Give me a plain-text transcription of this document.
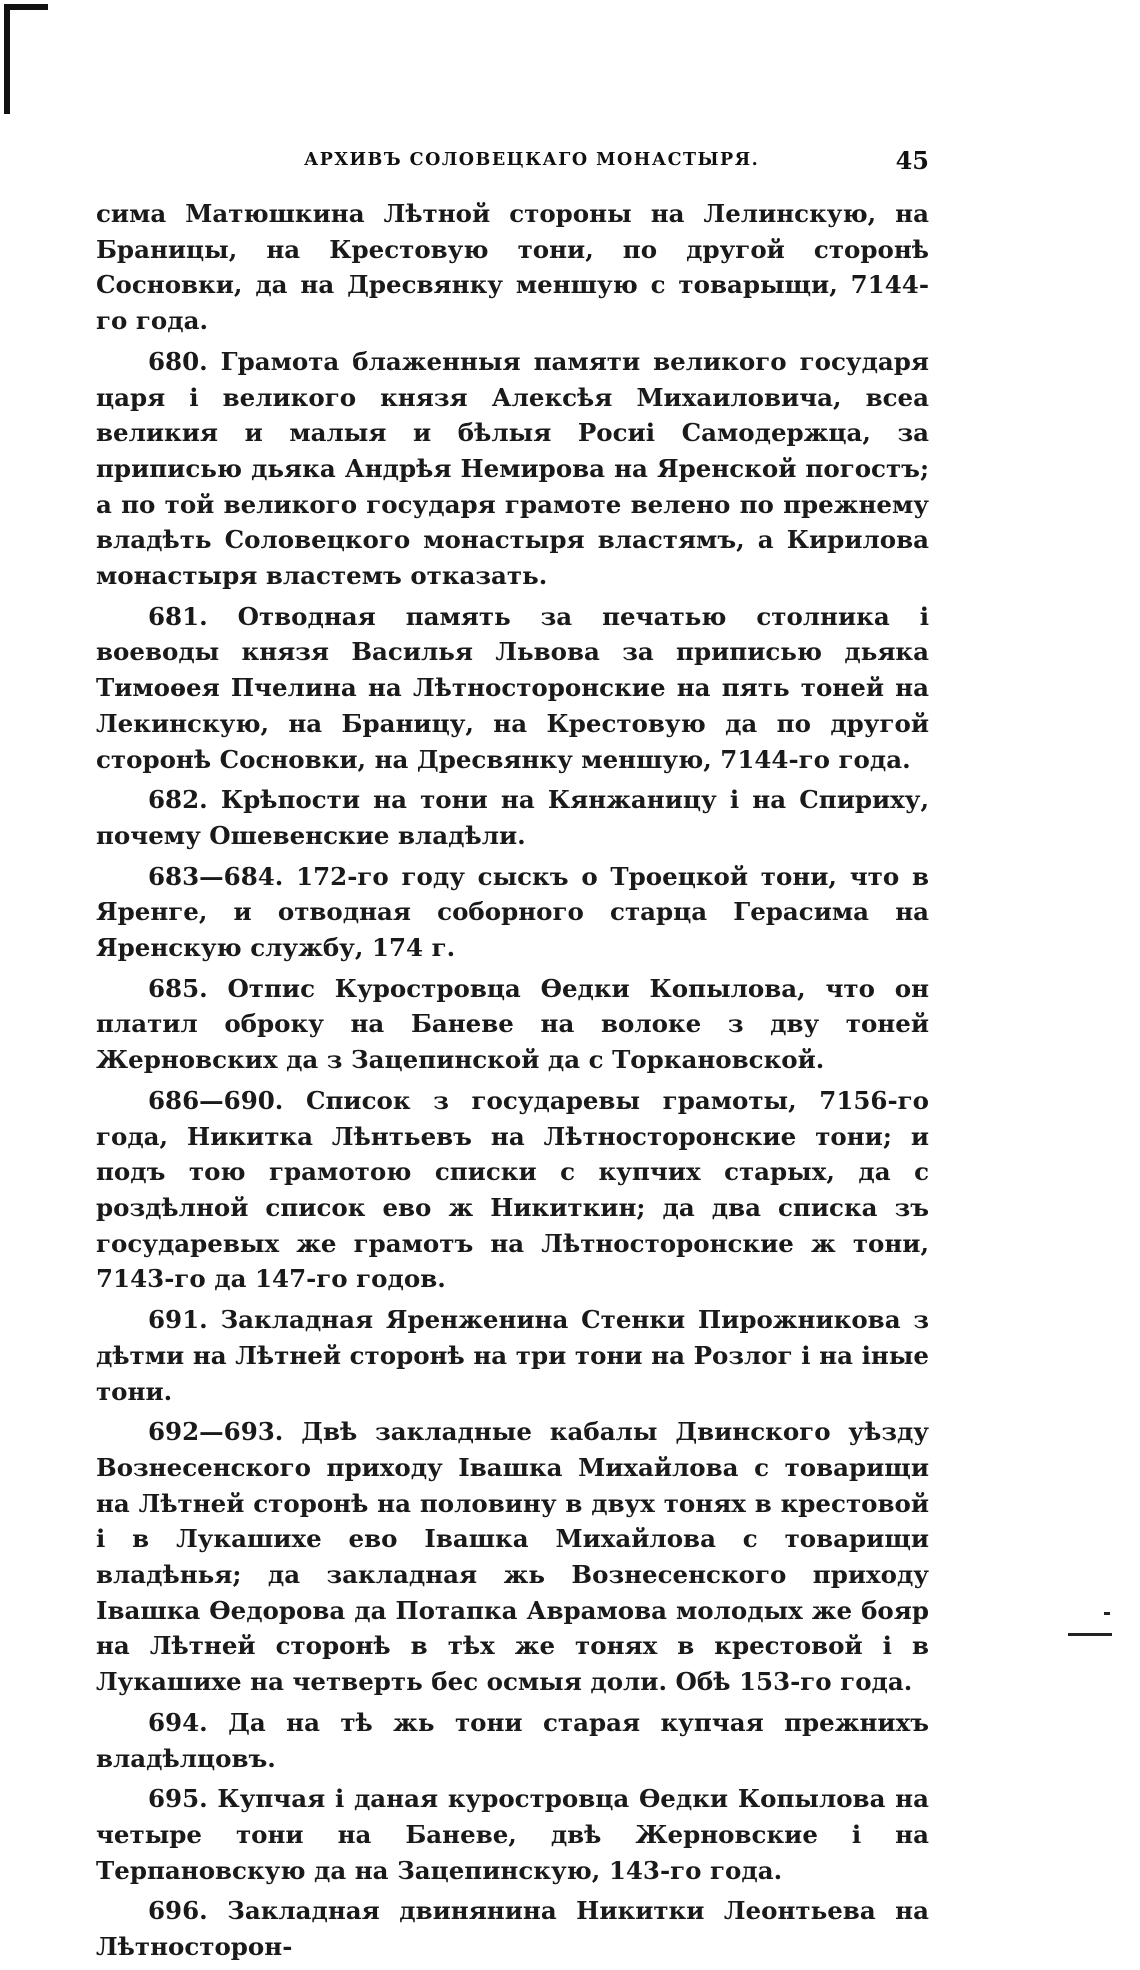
АРХИВЪ СОЛОВЕЦКАГО МОНАСТЫРЯ.	45

сима Матюшкина Лѣтной стороны на Лелинскую, на Браницы, на Крестовую тони, по другой сторонѣ Сосновки, да на Дресвянку меншую с товарыщи, 7144-го года.

680. Грамота блаженныя памяти великого государя царя і великого князя Алексѣя Михаиловича, всеа великия и малыя и бѣлыя Росиі Самодержца, за приписью дьяка Андрѣя Немирова на Яренской погостъ; а по той великого государя грамоте велено по прежнему владѣть Соловецкого монастыря властямъ, а Кирилова монастыря властемъ отказать.

681. Отводная память за печатью столника і воеводы князя Василья Львова за приписью дьяка Тимоѳея Пчелина на Лѣтносторонские на пять тоней на Лекинскую, на Браницу, на Крестовую да по другой сторонѣ Сосновки, на Дресвянку меншую, 7144-го года.

682. Крѣпости на тони на Кянжаницу і на Спириху, почему Ошевенские владѣли.

683—684. 172-го году сыскъ о Троецкой тони, что в Яренге, и отводная соборного старца Герасима на Яренскую службу, 174 г.

685. Отпис Куростровца Ѳедки Копылова, что он платил оброку на Баневе на волоке з дву тоней Жерновских да з Зацепинской да с Торкановской.

686—690. Список з государевы грамоты, 7156-го года, Никитка Лѣнтьевъ на Лѣтносторонские тони; и подъ тою грамотою списки с купчих старых, да с роздѣлной список ево ж Никиткин; да два списка зъ государевых же грамотъ на Лѣтносторонские ж тони, 7143-го да 147-го годов.

691. Закладная Яренженина Стенки Пирожникова з дѣтми на Лѣтней сторонѣ на три тони на Розлог і на іные тони.

692—693. Двѣ закладные кабалы Двинского уѣзду Вознесенского приходу Івашка Михайлова с товарищи на Лѣтней сторонѣ на половину в двух тонях в крестовой і в Лукашихе ево Івашка Михайлова с товарищи владѣнья; да закладная жь Вознесенского приходу Івашка Ѳедорова да Потапка Аврамова молодых же бояр на Лѣтней сторонѣ в тѣх же тонях в крестовой і в Лукашихе на четверть бес осмыя доли. Обѣ 153-го года.

694. Да на тѣ жь тони старая купчая прежнихъ владѣлцовъ.

695. Купчая і даная куростровца Ѳедки Копылова на четыре тони на Баневе, двѣ Жерновские і на Терпановскую да на Зацепинскую, 143-го года.

696. Закладная двинянина Никитки Леонтьева на Лѣтносторон-
